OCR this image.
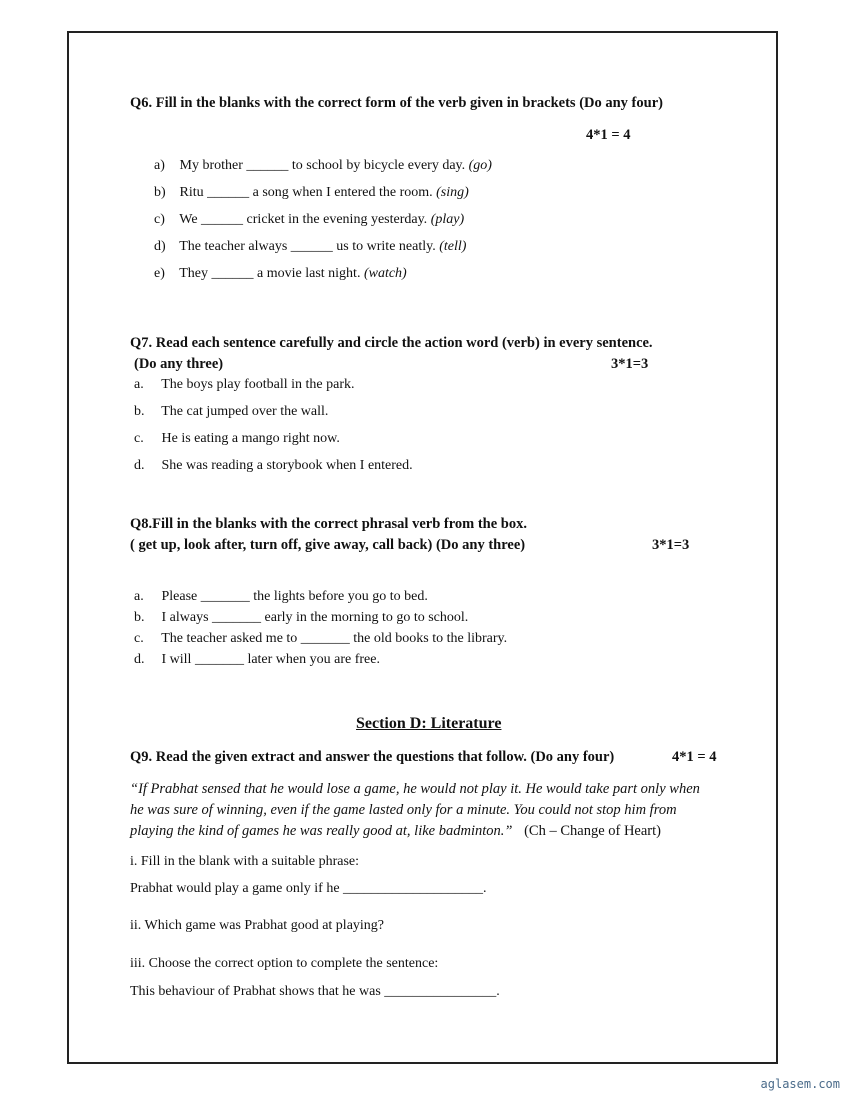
Q6. Fill in the blanks with the correct form of the verb given in brackets (Do any four)
4*1 = 4
a) My brother ______ to school by bicycle every day. (go)
b) Ritu ______ a song when I entered the room. (sing)
c) We ______ cricket in the evening yesterday. (play)
d) The teacher always ______ us to write neatly. (tell)
e) They ______ a movie last night. (watch)
Q7. Read each sentence carefully and circle the action word (verb) in every sentence.
(Do any three)	3*1=3
a. The boys play football in the park.
b. The cat jumped over the wall.
c. He is eating a mango right now.
d. She was reading a storybook when I entered.
Q8.Fill in the blanks with the correct phrasal verb from the box.
( get up, look after, turn off, give away, call back) (Do any three)	3*1=3
a. Please _______ the lights before you go to bed.
b. I always _______ early in the morning to go to school.
c. The teacher asked me to _______ the old books to the library.
d. I will _______ later when you are free.
Section D: Literature
Q9. Read the given extract and answer the questions that follow. (Do any four)	4*1 = 4
“If Prabhat sensed that he would lose a game, he would not play it. He would take part only when
he was sure of winning, even if the game lasted only for a minute. You could not stop him from
playing the kind of games he was really good at, like badminton.” (Ch – Change of Heart)
i. Fill in the blank with a suitable phrase:
Prabhat would play a game only if he ____________________.
ii. Which game was Prabhat good at playing?
iii. Choose the correct option to complete the sentence:
This behaviour of Prabhat shows that he was ________________.
aglasem.com
